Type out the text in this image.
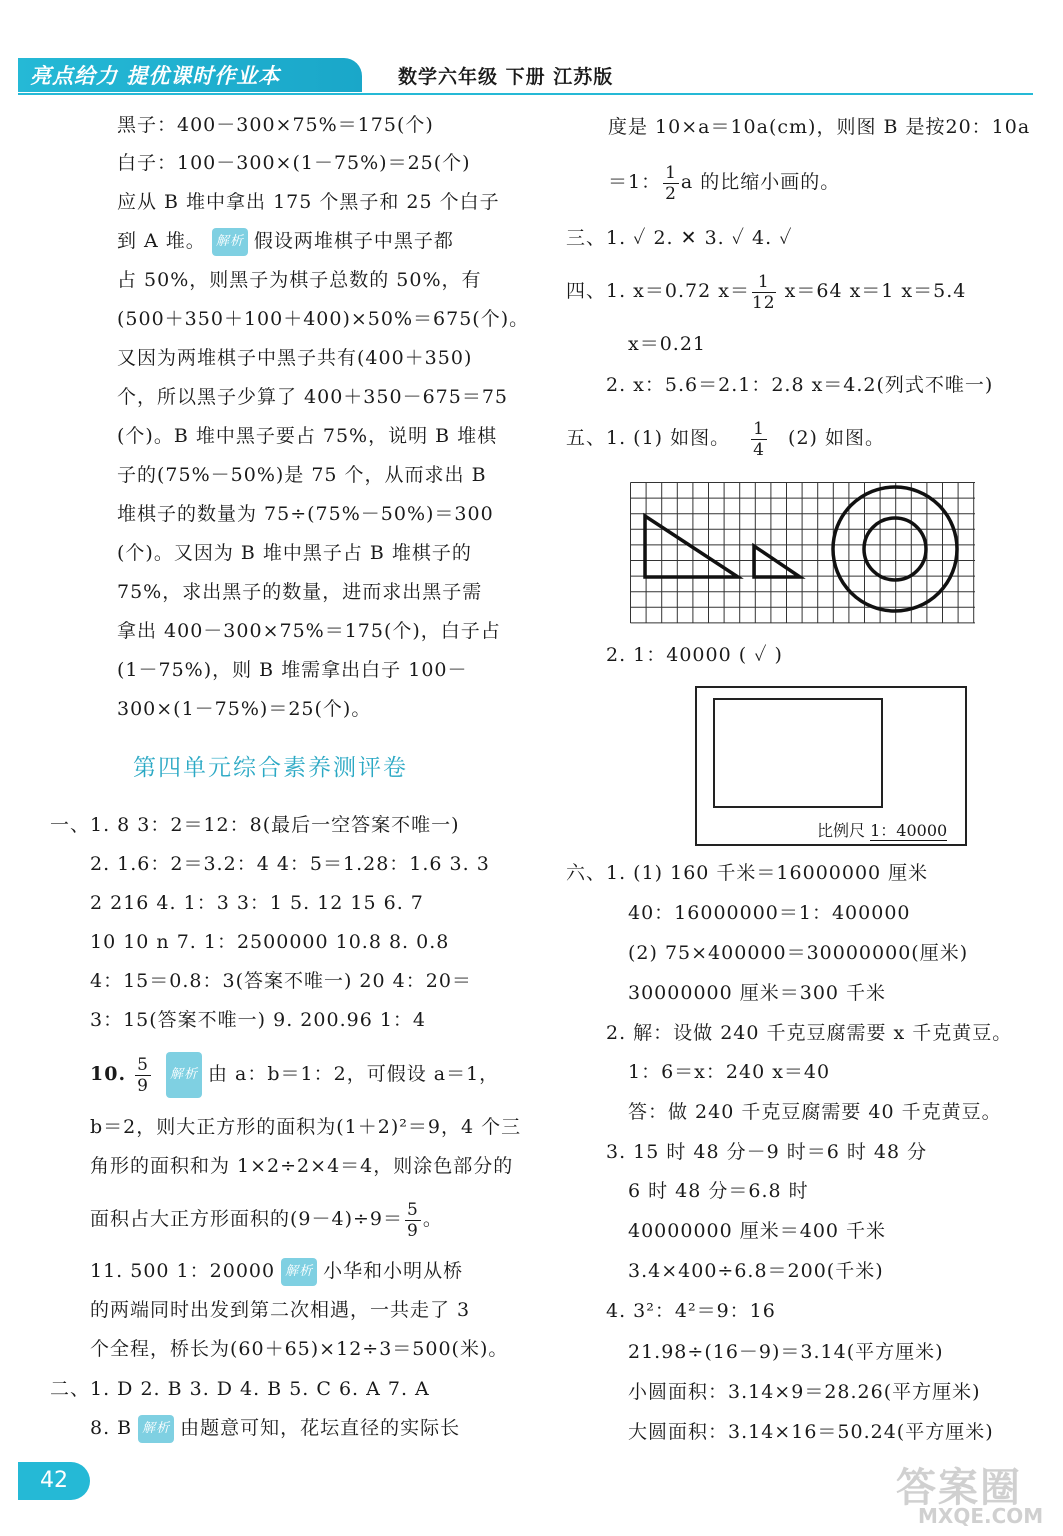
亮点给力 提优课时作业本	数学六年级 下册 江苏版
黑子：400－300×75%＝175(个)
白子：100－300×(1－75%)＝25(个)
应从 B 堆中拿出 175 个黑子和 25 个白子
到 A 堆。 解析 假设两堆棋子中黑子都
占 50%，则黑子为棋子总数的 50%，有
(500＋350＋100＋400)×50%＝675(个)。
又因为两堆棋子中黑子共有(400＋350)
个，所以黑子少算了 400＋350－675＝75
(个)。B 堆中黑子要占 75%，说明 B 堆棋
子的(75%－50%)是 75 个，从而求出 B
堆棋子的数量为 75÷(75%－50%)＝300
(个)。又因为 B 堆中黑子占 B 堆棋子的
75%，求出黑子的数量，进而求出黑子需
拿出 400－300×75%＝175(个)，白子占
(1－75%)，则 B 堆需拿出白子 100－
300×(1－75%)＝25(个)。
第四单元综合素养测评卷
一、1. 8 3：2＝12：8(最后一空答案不唯一)
2. 1.6：2＝3.2：4 4：5＝1.28：1.6 3. 3
2 216 4. 1：3 3：1 5. 12 15 6. 7
10 10 n 7. 1：2500000 10.8 8. 0.8
4：15＝0.8：3(答案不唯一) 20 4：20＝
3：15(答案不唯一) 9. 200.96 1：4
10. $\frac{5}{9}$ 解析 由 a：b＝1：2，可假设 a＝1，
b＝2，则大正方形的面积为(1＋2)²＝9，4 个三
角形的面积和为 1×2÷2×4＝4，则涂色部分的
面积占大正方形面积的$(9-4)\div 9= \frac{5}{9}$ 。
11. 500 1：20000 解析 小华和小明从桥
的两端同时出发到第二次相遇，一共走了 3
个全程，桥长为(60＋65)×12÷3＝500(米)。
二、1. D 2. B 3. D 4. B 5. C 6. A 7. A
8. B 解析 由题意可知，花坛直径的实际长
度是 10×a＝10a(cm)，则图 B 是按20：10a
＝1： $\frac{1}{2}$ a 的比缩小画的。
三、1. ✓ 2. ✕ 3. ✓ 4. ✓
四、1. x＝0.72 $x= \frac{1}{12} x=64$ x＝1 x＝5.4
x＝0.21
2. x：5.6＝2.1：2.8 x＝4.2(列式不唯一)
五、1. (1) 如图。 $\frac{1}{4} (2)$ 如图。
2. 1：40000 ( ✓ )
比例尺 1：40000
六、1. (1) 160 千米＝16000000 厘米
40：16000000＝1：400000
(2) 75×400000＝30000000(厘米)
30000000 厘米＝300 千米
2. 解：设做 240 千克豆腐需要 x 千克黄豆。
1：6＝x：240 x＝40
答：做 240 千克豆腐需要 40 千克黄豆。
3. 15 时 48 分－9 时＝6 时 48 分
6 时 48 分＝6.8 时
40000000 厘米＝400 千米
3.4×400÷6.8＝200(千米)
4. 3²：4²＝9：16
21.98÷(16－9)＝3.14(平方厘米)
小圆面积：3.14×9＝28.26(平方厘米)
大圆面积：3.14×16＝50.24(平方厘米)
42	答案圈
MXQE.COM
